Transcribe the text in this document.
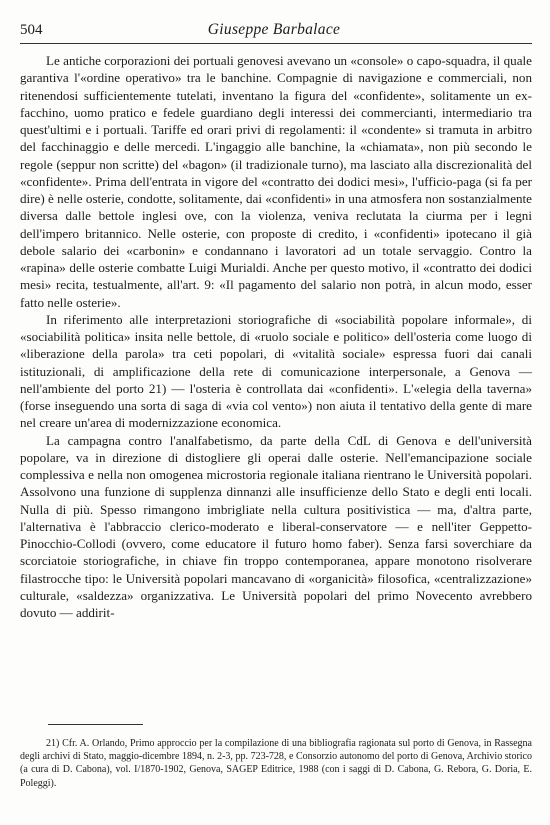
504	Giuseppe Barbalace

Le antiche corporazioni dei portuali genovesi avevano un «console» o capo-squadra, il quale garantiva l'«ordine operativo» tra le banchine. Compagnie di navigazione e commerciali, non ritenendosi sufficientemente tutelati, inventano la figura del «confidente», solitamente un ex-facchino, uomo pratico e fedele guardiano degli interessi dei commercianti, intermediario tra quest'ultimi e i portuali. Tariffe ed orari privi di regolamenti: il «condente» si tramuta in arbitro del facchinaggio e delle mercedi. L'ingaggio alle banchine, la «chiamata», non più secondo le regole (seppur non scritte) del «bagon» (il tradizionale turno), ma lasciato alla discrezionalità del «confidente». Prima dell'entrata in vigore del «contratto dei dodici mesi», l'ufficio-paga (si fa per dire) è nelle osterie, condotte, solitamente, dai «confidenti» in una atmosfera non sostanzialmente diversa dalle bettole inglesi ove, con la violenza, veniva reclutata la ciurma per i legni dell'impero britannico. Nelle osterie, con proposte di credito, i «confidenti» ipotecano il già debole salario dei «carbonin» e condannano i lavoratori ad un totale servaggio. Contro la «rapina» delle osterie combatte Luigi Murialdi. Anche per questo motivo, il «contratto dei dodici mesi» recita, testualmente, all'art. 9: «Il pagamento del salario non potrà, in alcun modo, esser fatto nelle osterie».

In riferimento alle interpretazioni storiografiche di «sociabilità popolare informale», di «sociabilità politica» insita nelle bettole, di «ruolo sociale e politico» dell'osteria come luogo di «liberazione della parola» tra ceti popolari, di «vitalità sociale» espressa fuori dai canali istituzionali, di amplificazione della rete di comunicazione interpersonale, a Genova — nell'ambiente del porto 21) — l'osteria è controllata dai «confidenti». L'«elegia della taverna» (forse inseguendo una sorta di saga di «via col vento») non aiuta il tentativo della gente di mare nel creare un'area di modernizzazione economica.

La campagna contro l'analfabetismo, da parte della CdL di Genova e dell'università popolare, va in direzione di distogliere gli operai dalle osterie. Nell'emancipazione sociale complessiva e nella non omogenea microstoria regionale italiana rientrano le Università popolari. Assolvono una funzione di supplenza dinnanzi alle insufficienze dello Stato e degli enti locali. Nulla di più. Spesso rimangono imbrigliate nella cultura positivistica — ma, d'altra parte, l'alternativa è l'abbraccio clerico-moderato e liberal-conservatore — e nell'iter Geppetto-Pinocchio-Collodi (ovvero, come educatore il futuro homo faber). Senza farsi soverchiare da scorciatoie storiografiche, in chiave fin troppo contemporanea, appare monotono risolverare filastrocche tipo: le Università popolari mancavano di «organicità» filosofica, «centralizzazione» culturale, «saldezza» organizzativa. Le Università popolari del primo Novecento avrebbero dovuto — addirit-

21) Cfr. A. Orlando, Primo approccio per la compilazione di una bibliografia ragionata sul porto di Genova, in Rassegna degli archivi di Stato, maggio-dicembre 1894, n. 2-3, pp. 723-728, e Consorzio autonomo del porto di Genova, Archivio storico (a cura di D. Cabona), vol. I/1870-1902, Genova, SAGEP Editrice, 1988 (con i saggi di D. Cabona, G. Rebora, G. Doria, E. Poleggi).
